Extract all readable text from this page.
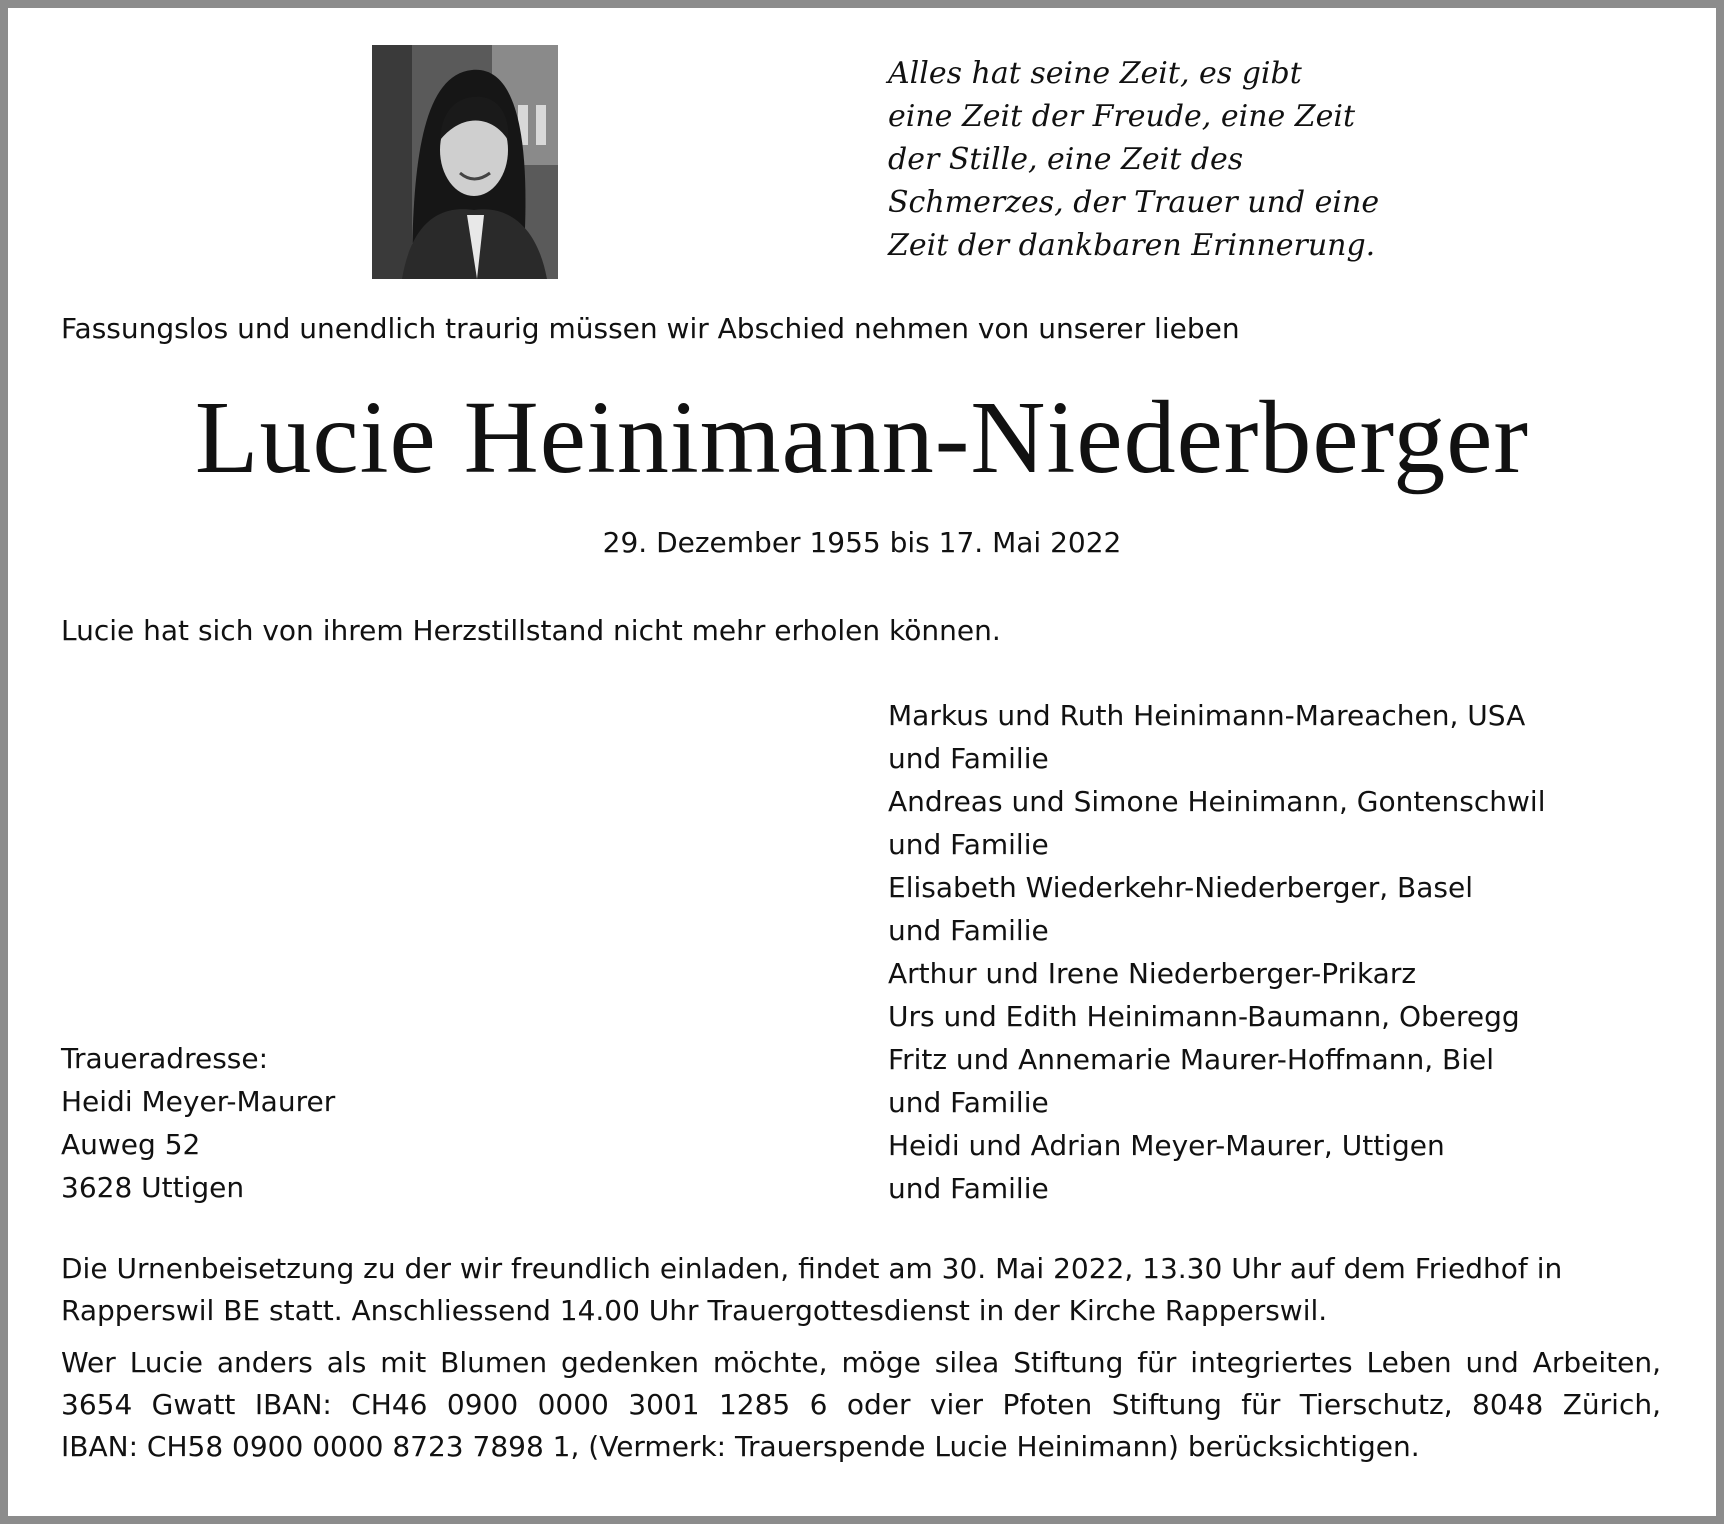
Alles hat seine Zeit, es gibt
eine Zeit der Freude, eine Zeit
der Stille, eine Zeit des
Schmerzes, der Trauer und eine
Zeit der dankbaren Erinnerung.
Fassungslos und unendlich traurig müssen wir Abschied nehmen von unserer lieben
Lucie Heinimann-Niederberger
29. Dezember 1955 bis 17. Mai 2022
Lucie hat sich von ihrem Herzstillstand nicht mehr erholen können.
Markus und Ruth Heinimann-Mareachen, USA
und Familie
Andreas und Simone Heinimann, Gontenschwil
und Familie
Elisabeth Wiederkehr-Niederberger, Basel
und Familie
Arthur und Irene Niederberger-Prikarz
Urs und Edith Heinimann-Baumann, Oberegg
Fritz und Annemarie Maurer-Hoffmann, Biel
und Familie
Heidi und Adrian Meyer-Maurer, Uttigen
und Familie
Traueradresse:
Heidi Meyer-Maurer
Auweg 52
3628 Uttigen
Die Urnenbeisetzung zu der wir freundlich einladen, findet am 30. Mai 2022, 13.30 Uhr auf dem Friedhof in
Rapperswil BE statt. Anschliessend 14.00 Uhr Trauergottesdienst in der Kirche Rapperswil.
Wer Lucie anders als mit Blumen gedenken möchte, möge silea Stiftung für integriertes Leben und Arbeiten,
3654 Gwatt IBAN: CH46 0900 0000 3001 1285 6 oder vier Pfoten Stiftung für Tierschutz, 8048 Zürich,
IBAN: CH58 0900 0000 8723 7898 1, (Vermerk: Trauerspende Lucie Heinimann) berücksichtigen.
